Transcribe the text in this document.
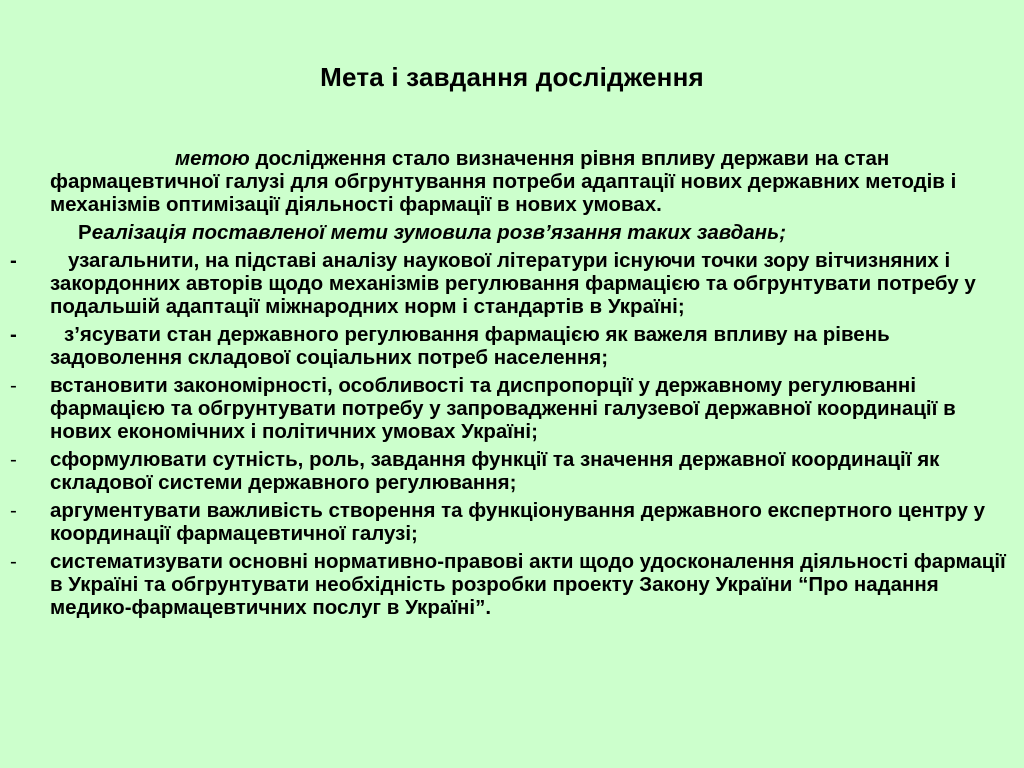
Мета і завдання дослідження

метою дослідження стало визначення рівня впливу держави на стан фармацевтичної галузі для обгрунтування потреби адаптації нових державних методів і механізмів оптимізації діяльності фармації в нових умовах.

Реалізація поставленої мети зумовила розв’язання таких завдань;

-	узагальнити, на підставі аналізу наукової літератури існуючи точки зору вітчизняних і закордонних авторів щодо механізмів регулювання фармацією та обгрунтувати потребу у подальшій адаптації міжнародних норм і стандартів в Україні;
-	з’ясувати стан державного регулювання фармацією як важеля впливу на рівень задоволення складової соціальних потреб населення;
-	встановити закономірності, особливості та диспропорції у державному регулюванні фармацією та обгрунтувати потребу у запровадженні галузевої державної координації в нових економічних і політичних умовах Україні;
-	сформулювати сутність, роль, завдання функції та значення державної координації як складової системи державного регулювання;
-	аргументувати важливість створення та функціонування державного експертного центру у координації фармацевтичної галузі;
-	систематизувати основні нормативно-правові акти щодо удосконалення діяльності фармації в Україні та обгрунтувати необхідність розробки проекту Закону України “Про надання медико-фармацевтичних послуг в Україні”.
